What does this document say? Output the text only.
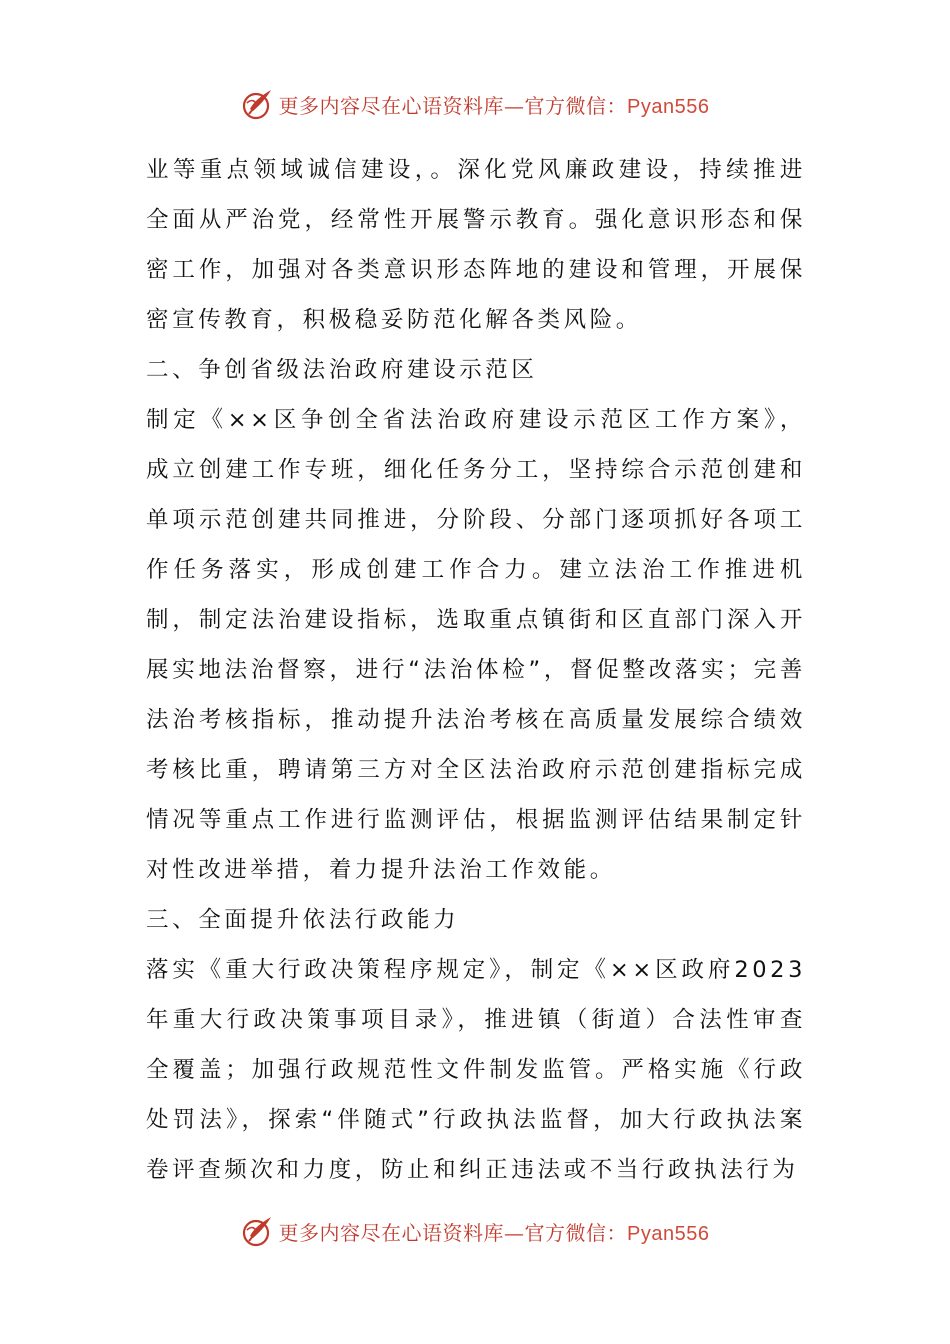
更多内容尽在心语资料库—官方微信：Pyan556

业等重点领域诚信建设，。深化党风廉政建设，持续推进全面从严治党，经常性开展警示教育。强化意识形态和保密工作，加强对各类意识形态阵地的建设和管理，开展保密宣传教育，积极稳妥防范化解各类风险。

二、争创省级法治政府建设示范区

制定《××区争创全省法治政府建设示范区工作方案》，成立创建工作专班，细化任务分工，坚持综合示范创建和单项示范创建共同推进，分阶段、分部门逐项抓好各项工作任务落实，形成创建工作合力。建立法治工作推进机制，制定法治建设指标，选取重点镇街和区直部门深入开展实地法治督察，进行“法治体检”，督促整改落实；完善法治考核指标，推动提升法治考核在高质量发展综合绩效考核比重，聘请第三方对全区法治政府示范创建指标完成情况等重点工作进行监测评估，根据监测评估结果制定针对性改进举措，着力提升法治工作效能。

三、全面提升依法行政能力

落实《重大行政决策程序规定》，制定《××区政府2023年重大行政决策事项目录》，推进镇（街道）合法性审查全覆盖；加强行政规范性文件制发监管。严格实施《行政处罚法》，探索“伴随式”行政执法监督，加大行政执法案卷评查频次和力度，防止和纠正违法或不当行政执法行为

更多内容尽在心语资料库—官方微信：Pyan556
